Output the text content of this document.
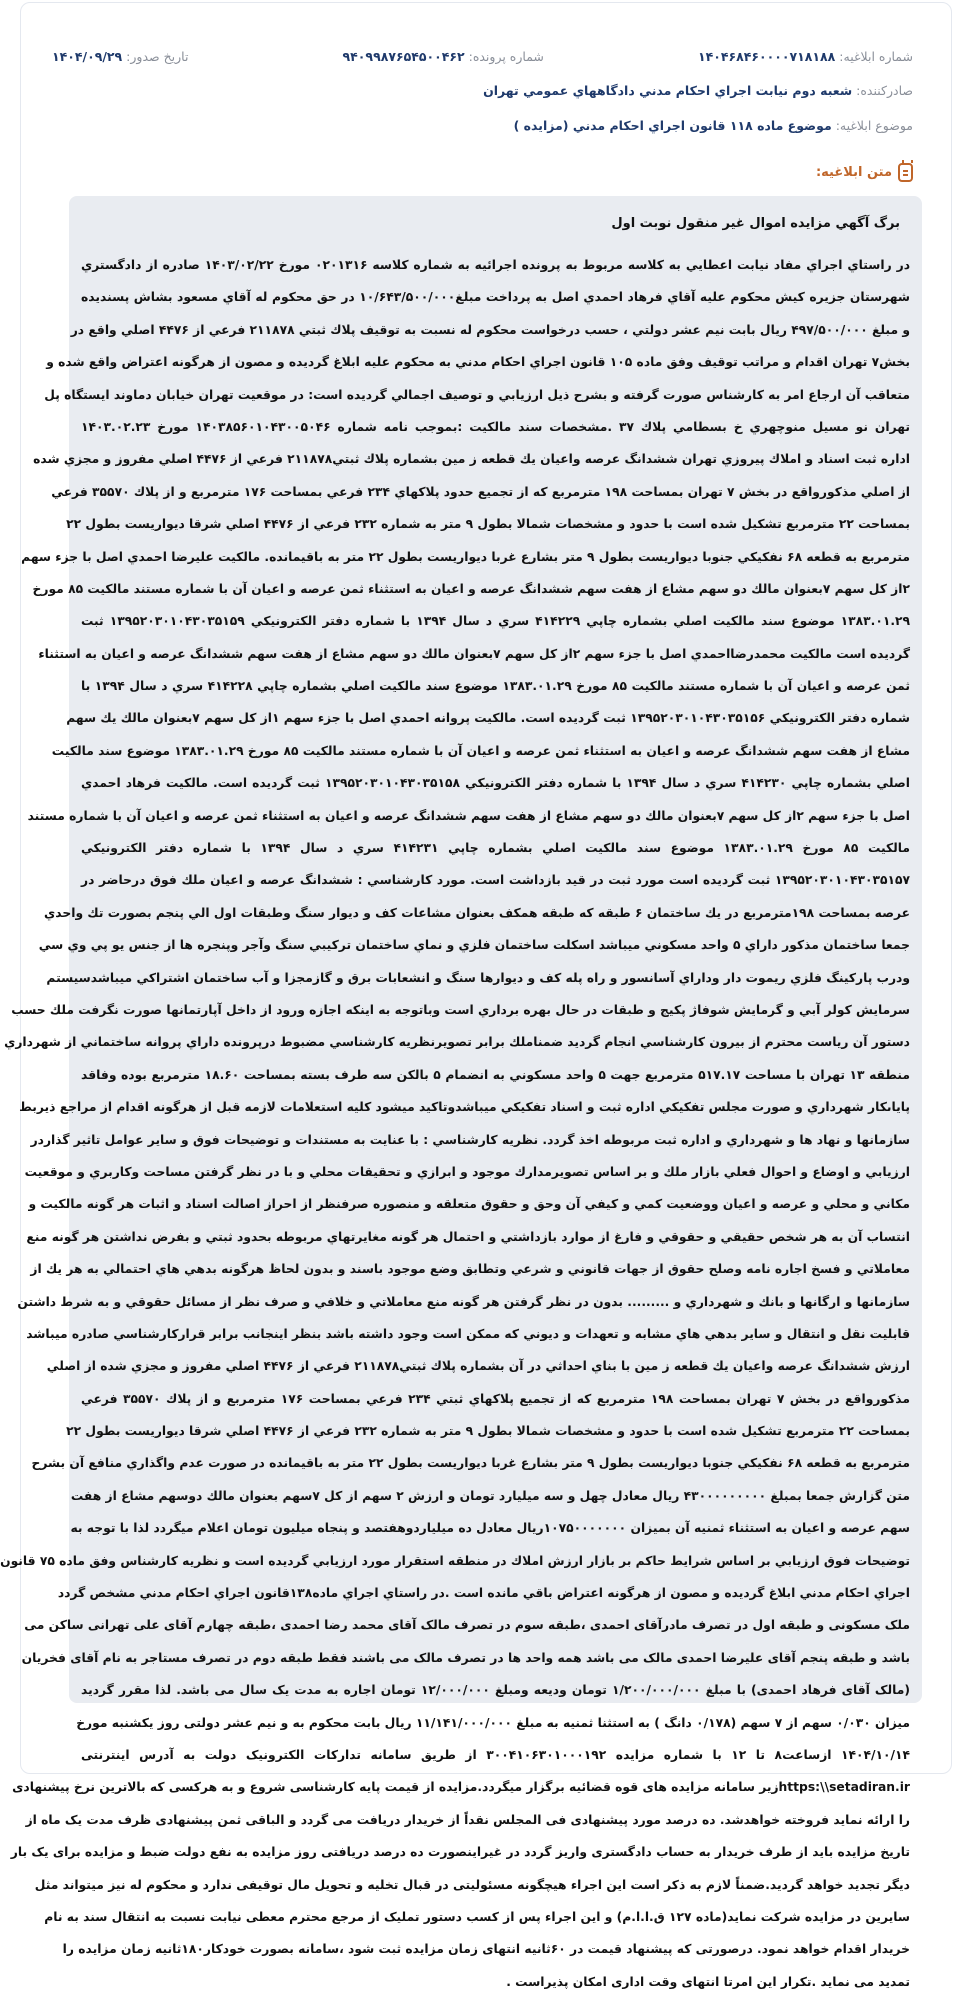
شماره ابلاغيه: ۱۴۰۴۶۸۴۶۰۰۰۰۷۱۸۱۸۸
شماره پرونده: ۹۴۰۹۹۸۷۶۵۴۵۰۰۴۶۲
تاريخ صدور: ۱۴۰۴/۰۹/۲۹
صادرکننده: شعبه دوم نيابت اجراي احکام مدني دادگاههاي عمومي تهران
موضوع ابلاغيه: موضوع ماده ۱۱۸ قانون اجراي احکام مدني (مزايده )
متن ابلاغيه:
برگ آگهي مزايده اموال غير منقول نوبت اول
در راستاي اجراي مفاد نيابت اعطايي به كلاسه مربوط به پرونده اجرائيه به شماره كلاسه ۰۲۰۱۳۱۶ مورخ ۱۴۰۳/۰۲/۲۲ صادره از دادگستري
شهرستان جزيره كيش محكوم عليه آقاي فرهاد احمدي اصل به پرداخت مبلغ۱۰/۶۴۳/۵۰۰/۰۰۰ در حق محكوم له آقاي مسعود بشاش پسنديده
و مبلغ ۴۹۷/۵۰۰/۰۰۰ ريال بابت نيم عشر دولتي ، حسب درخواست محكوم له نسبت به توقيف پلاك ثبتي ۲۱۱۸۷۸ فرعي از ۴۴۷۶ اصلي واقع در
بخش۷ تهران اقدام و مراتب توقيف وفق ماده ۱۰۵ قانون اجراي احكام مدني به محكوم عليه ابلاغ گرديده و مصون از هرگونه اعتراض واقع شده و
متعاقب آن ارجاع امر به كارشناس صورت گرفته و بشرح ذيل ارزيابي و توصيف اجمالي گرديده است: در موقعيت تهران خيابان دماوند ايستگاه پل
تهران نو مسيل منوچهري خ بسطامي پلاك ۳۷ .مشخصات سند مالكيت :بموجب نامه شماره ۱۴۰۳۸۵۶۰۱۰۴۳۰۰۵۰۴۶ مورخ ۱۴۰۳.۰۲.۲۳
اداره ثبت اسناد و املاك پيروزي تهران ششدانگ عرصه واعيان يك قطعه ز مين بشماره پلاك ثبتي۲۱۱۸۷۸ فرعي از ۴۴۷۶ اصلي مفروز و مجزي شده
از اصلي مذكورواقع در بخش ۷ تهران بمساحت ۱۹۸ مترمربع كه از تجميع حدود پلاكهاي ۲۳۴ فرعي بمساحت ۱۷۶ مترمربع و از پلاك ۳۵۵۷۰ فرعي
بمساحت ۲۲ مترمربع تشكيل شده است با حدود و مشخصات شمالا بطول ۹ متر به شماره ۲۳۲ فرعي از ۴۴۷۶ اصلي شرقا ديواريست بطول ۲۲
مترمربع به قطعه ۶۸ نفكيكي جنوبا ديواريست بطول ۹ متر بشارع غربا ديواريست بطول ۲۲ متر به باقيمانده. مالكيت عليرضا احمدي اصل با جزء سهم
۲از كل سهم ۷بعنوان مالك دو سهم مشاع از هفت سهم ششدانگ عرصه و اعيان به استثناء ثمن عرصه و اعيان آن با شماره مستند مالكيت ۸۵ مورخ
۱۳۸۳.۰۱.۲۹ موضوع سند مالكيت اصلي بشماره چاپي ۴۱۴۲۲۹ سري د سال ۱۳۹۴ با شماره دفتر الكترونيكي ۱۳۹۵۲۰۳۰۱۰۴۳۰۳۵۱۵۹ ثبت
گرديده است مالكيت محمدرضااحمدي اصل با جزء سهم ۲از كل سهم ۷بعنوان مالك دو سهم مشاع از هفت سهم ششدانگ عرصه و اعيان به استثناء
ثمن عرصه و اعيان آن با شماره مستند مالكيت ۸۵ مورخ ۱۳۸۳.۰۱.۲۹ موضوع سند مالكيت اصلي بشماره چاپي ۴۱۴۲۲۸ سري د سال ۱۳۹۴ با
شماره دفتر الكترونيكي ۱۳۹۵۲۰۳۰۱۰۴۳۰۳۵۱۵۶ ثبت گرديده است. مالكيت پروانه احمدي اصل با جزء سهم ۱از كل سهم ۷بعنوان مالك يك سهم
مشاع از هفت سهم ششدانگ عرصه و اعيان به استثناء ثمن عرصه و اعيان آن با شماره مستند مالكيت ۸۵ مورخ ۱۳۸۳.۰۱.۲۹ موضوع سند مالكيت
اصلي بشماره چاپي ۴۱۴۲۳۰ سري د سال ۱۳۹۴ با شماره دفتر الكترونيكي ۱۳۹۵۲۰۳۰۱۰۴۳۰۳۵۱۵۸ ثبت گرديده است. مالكيت فرهاد احمدي
اصل با جزء سهم ۲از كل سهم ۷بعنوان مالك دو سهم مشاع از هفت سهم ششدانگ عرصه و اعيان به استثناء ثمن عرصه و اعيان آن با شماره مستند
مالكيت ۸۵ مورخ ۱۳۸۳.۰۱.۲۹ موضوع سند مالكيت اصلي بشماره چاپي ۴۱۴۲۳۱ سري د سال ۱۳۹۴ با شماره دفتر الكترونيكي
۱۳۹۵۲۰۳۰۱۰۴۳۰۳۵۱۵۷ ثبت گرديده است مورد ثبت در قيد بازداشت است. مورد كارشناسي : ششدانگ عرصه و اعيان ملك فوق درحاضر در
عرصه بمساحت ۱۹۸مترمربع در يك ساختمان ۶ طبقه كه طبقه همكف بعنوان مشاعات كف و ديوار سنگ وطبقات اول الي پنجم بصورت تك واحدي
جمعا ساختمان مذكور داراي ۵ واحد مسكوني ميباشد اسكلت ساختمان فلزي و نماي ساختمان تركيبي سنگ وآجر وپنجره ها از جنس يو پي وي سي
ودرب پاركينگ فلزي ريموت دار وداراي آسانسور و راه پله كف و ديوارها سنگ و انشعابات برق و گازمجزا و آب ساختمان اشتراكي ميباشدسيستم
سرمايش كولر آبي و گرمايش شوفاژ پكيج و طبقات در حال بهره برداري است وباتوجه به اينكه اجازه ورود از داخل آپارتمانها صورت نگرفت ملك حسب
دستور آن رياست محترم از بيرون كارشناسي انجام گرديد ضمناملك برابر تصويرنظريه كارشناسي مضبوط درپرونده داراي پروانه ساختماني از شهرداري
منطقه ۱۳ تهران با مساحت ۵۱۷.۱۷ مترمربع جهت ۵ واحد مسكوني به انضمام ۵ بالكن سه طرف بسته بمساحت ۱۸.۶۰ مترمربع بوده وفاقد
پاياںكار شهرداري و صورت مجلس تفكيكي اداره ثبت و اسناد تفكيكي ميباشدوتاكيد ميشود كليه استعلامات لازمه قبل از هرگونه اقدام از مراجع ذيربط
سازمانها و نهاد ها و شهرداري و اداره ثبت مربوطه اخذ گردد. نظريه كارشناسي : با عنايت به مستندات و توضيحات فوق و ساير عوامل تاثير گذاردر
ارزيابي و اوضاع و احوال فعلي بازار ملك و بر اساس تصويرمدارك موجود و ابرازي و تحقيقات محلي و با در نظر گرفتن مساحت وكاربري و موقعيت
مكاني و محلي و عرصه و اعيان ووضعيت كمي و كيفي آن وحق و حقوق متعلقه و منصوره صرفنظر از احراز اصالت اسناد و اثبات هر گونه مالكيت و
انتساب آن به هر شخص حقيقي و حقوقي و فارغ از موارد بازداشتي و احتمال هر گونه مغايرتهاي مربوطه بحدود ثبتي و بفرض نداشتن هر گونه منع
معاملاتي و فسخ اجاره نامه وصلح حقوق از جهات قانوني و شرعي وتطابق وضع موجود باسند و بدون لحاظ هرگونه بدهي هاي احتمالي به هر يك از
سازمانها و ارگانها و بانك و شهرداري و ......... بدون در نظر گرفتن هر گونه منع معاملاتي و خلافي و صرف نظر از مسائل حقوقي و به شرط داشتن
قابليت نقل و انتقال و ساير بدهي هاي مشابه و تعهدات و ديوني كه ممكن است وجود داشته باشد بنظر اينجانب برابر قراركارشناسي صادره ميباشد
ارزش ششدانگ عرصه واعيان يك قطعه ز مين با بناي احداثي در آن بشماره پلاك ثبتي۲۱۱۸۷۸ فرعي از ۴۴۷۶ اصلي مفروز و مجزي شده از اصلي
مذكورواقع در بخش ۷ تهران بمساحت ۱۹۸ مترمربع كه از تجميع پلاكهاي ثبتي ۲۳۴ فرعي بمساحت ۱۷۶ مترمربع و از پلاك ۳۵۵۷۰ فرعي
بمساحت ۲۲ مترمربع تشكيل شده است با حدود و مشخصات شمالا بطول ۹ متر به شماره ۲۳۲ فرعي از ۴۴۷۶ اصلي شرقا ديواريست بطول ۲۲
مترمربع به قطعه ۶۸ نفكيكي جنوبا ديواريست بطول ۹ متر بشارع غربا ديواريست بطول ۲۲ متر به باقيمانده در صورت عدم واگذاري منافع آن بشرح
متن گزارش جمعا بمبلغ ۴۳۰۰۰۰۰۰۰۰۰ ريال معادل چهل و سه ميليارد تومان و ارزش ۲ سهم از كل ۷سهم بعنوان مالك دوسهم مشاع از هفت
سهم عرصه و اعيان به استثناء ثمنيه آن بميزان ۱۰۷۵۰۰۰۰۰۰۰ريال معادل ده ميلياردوهفتصد و پنجاه ميليون تومان اعلام ميگردد لذا با توجه به
توضيحات فوق ارزيابي بر اساس شرايط حاكم بر بازار ارزش املاك در منطقه استقرار مورد ارزيابي گرديده است و نظريه كارشناس وفق ماده ۷۵ قانون
اجراي احكام مدني ابلاغ گرديده و مصون از هرگونه اعتراض باقي مانده است .در راستاي اجراي ماده۱۳۸قانون اجراي احكام مدني مشخص گردد
ملک مسکونی و طبقه اول در تصرف مادرآقای احمدی ،طبقه سوم در تصرف مالک آقای محمد رضا احمدی ،طبقه چهارم آقای علی تهرانی ساکن می
باشد و طبقه پنجم آقای علیرضا احمدی مالک می باشد همه واحد ها در تصرف مالک می باشند فقط طبقه دوم در تصرف مستاجر به نام آقای فخریان
(مالک آقای فرهاد احمدی) با مبلغ ۱/۲۰۰/۰۰۰/۰۰۰ تومان ودیعه ومبلغ ۱۲/۰۰۰/۰۰۰ تومان اجاره به مدت یک سال می باشد. لذا مقرر گردید
میزان ۰/۰۳۰ سهم از ۷ سهم (۰/۱۷۸ دانگ ) به استثنا ثمنیه به مبلغ ۱۱/۱۴۱/۰۰۰/۰۰۰ ریال بابت محکوم به و نیم عشر دولتی روز یکشنبه مورخ
۱۴۰۴/۱۰/۱۴ ازساعت۸ تا ۱۲ با شماره مزایده ۳۰۰۴۱۰۶۳۰۱۰۰۰۱۹۲ از طریق سامانه تدارکات الکترونیک دولت به آدرس اینترنتی
https:\\setadiran.irزیر سامانه مزایده های قوه قضائیه برگزار میگردد.مزایده از قیمت پایه کارشناسی شروع و به هرکسی که بالاترین نرخ پیشنهادی
را ارائه نماید فروخته خواهدشد. ده درصد مورد پیشنهادی فی المجلس نقداً از خریدار دریافت می گردد و الباقی ثمن پیشنهادی ظرف مدت یک ماه از
تاریخ مزایده باید از طرف خریدار به حساب دادگستری واریز گردد در غیراینصورت ده درصد دریافتی روز مزایده به نفع دولت ضبط و مزایده برای یک بار
دیگر تجدید خواهد گردید.ضمناً لازم به ذکر است این اجراء هیچگونه مسئولیتی در قبال تخلیه و تحویل مال توقیفی ندارد و محکوم له نیز میتواند مثل
سایرین در مزایده شرکت نماید(ماده ۱۲۷ ق.ا.ا.م) و این اجراء پس از کسب دستور تملیک از مرجع محترم معطی نیابت نسبت به انتقال سند به نام
خریدار اقدام خواهد نمود. درصورتی که پیشنهاد قیمت در ۶۰ثانیه انتهای زمان مزایده ثبت شود ،سامانه بصورت خودکار۱۸۰ثانیه زمان مزایده را
تمدید می نماید .تکرار این امرتا انتهای وقت اداری امکان پذیراست .
